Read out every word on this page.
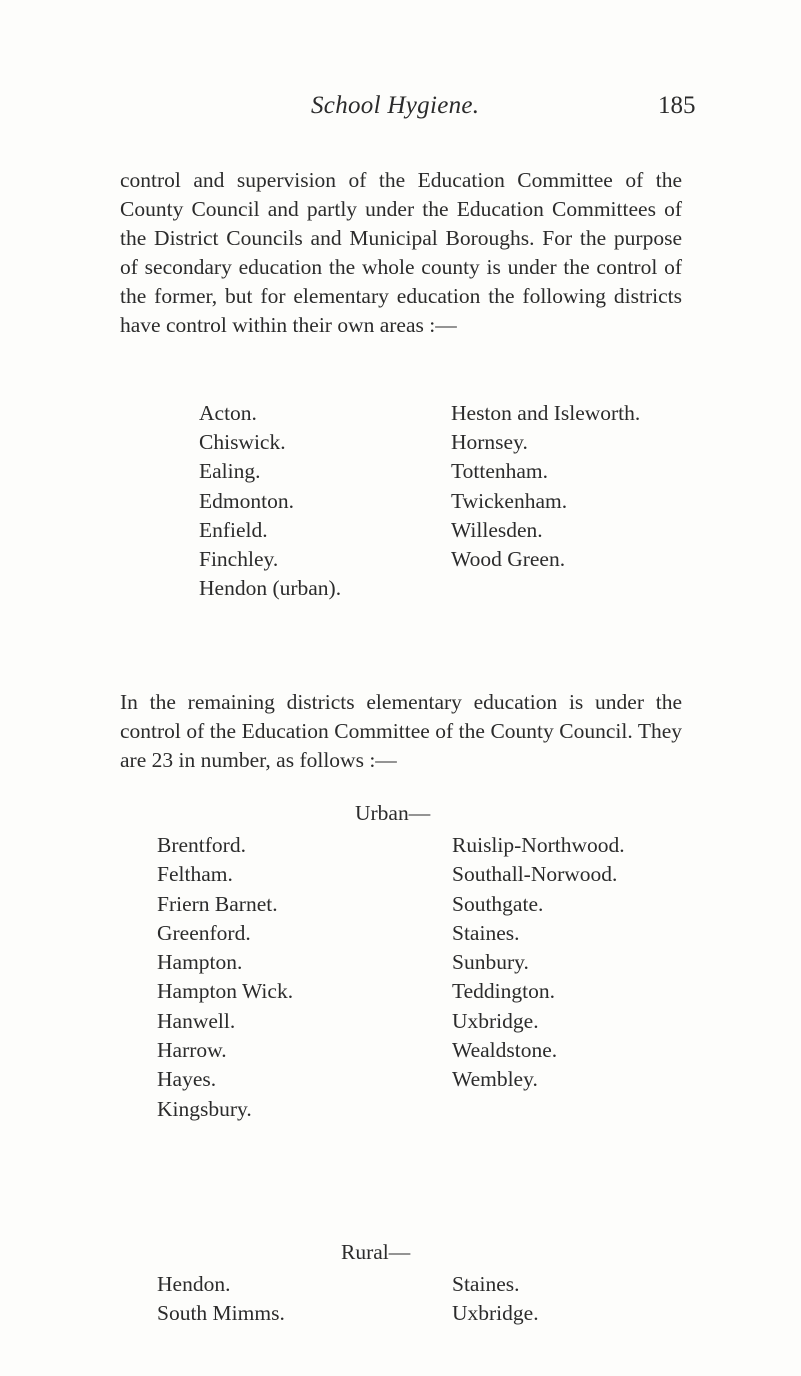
School Hygiene.	185

control and supervision of the Education Committee of the County Council and partly under the Education Committees of the District Councils and Municipal Boroughs. For the purpose of secondary education the whole county is under the control of the former, but for elementary education the following districts have control within their own areas :—

Acton.
Chiswick.
Ealing.
Edmonton.
Enfield.
Finchley.
Hendon (urban).
Heston and Isleworth.
Hornsey.
Tottenham.
Twickenham.
Willesden.
Wood Green.

In the remaining districts elementary education is under the control of the Education Committee of the County Council. They are 23 in number, as follows :—

Urban—
Brentford.
Feltham.
Friern Barnet.
Greenford.
Hampton.
Hampton Wick.
Hanwell.
Harrow.
Hayes.
Kingsbury.
Ruislip-Northwood.
Southall-Norwood.
Southgate.
Staines.
Sunbury.
Teddington.
Uxbridge.
Wealdstone.
Wembley.
Rural—
Hendon.
South Mimms.
Staines.
Uxbridge.
